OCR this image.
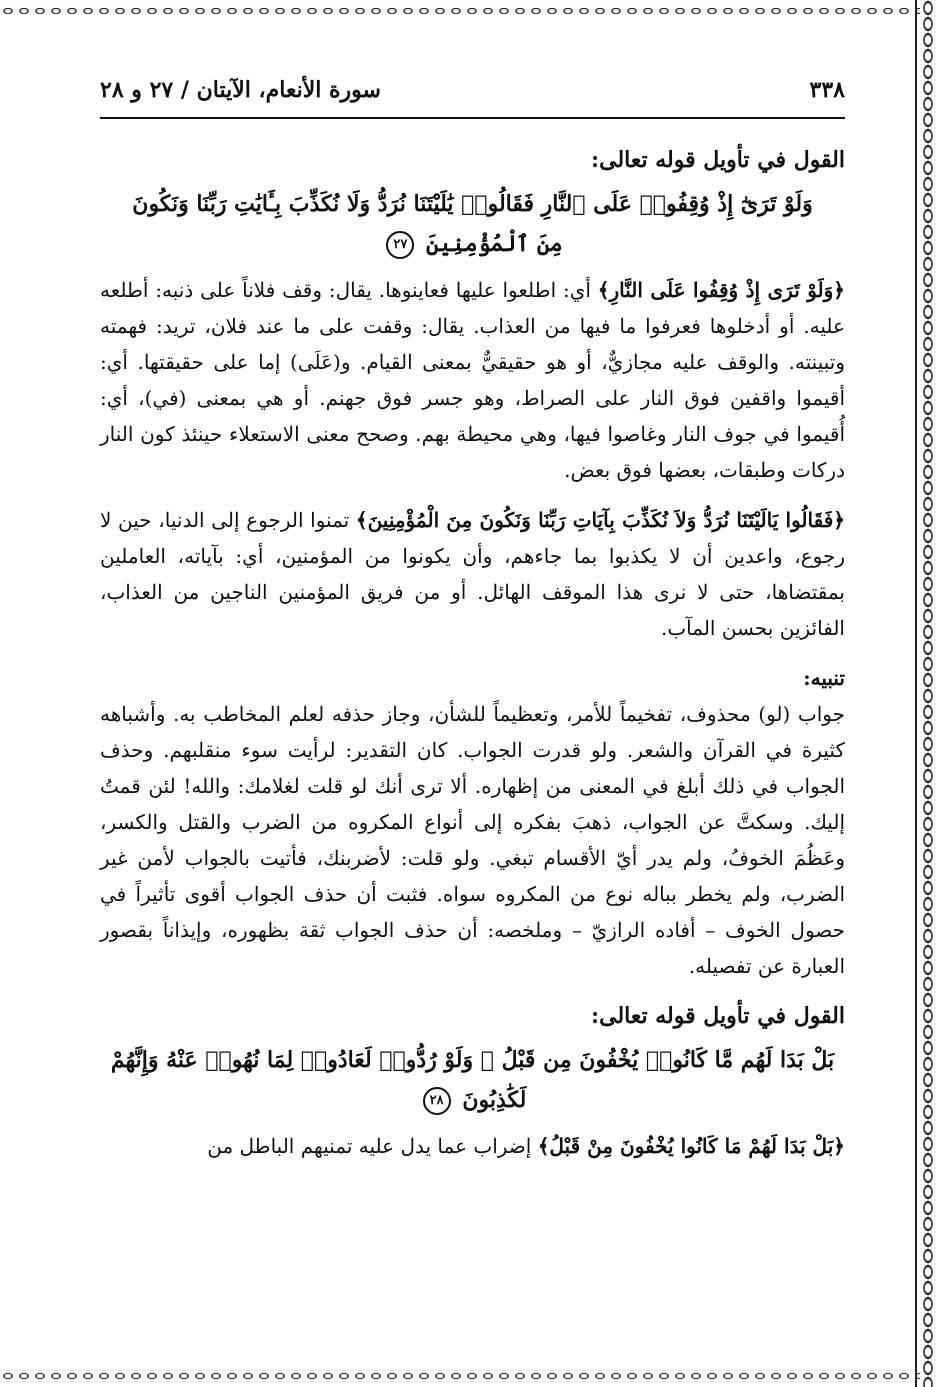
٣٣٨
سورة الأنعام، الآيتان / ٢٧ و ٢٨
القول في تأويل قوله تعالى:
وَلَوْ تَرَىٰٓ إِذْ وُقِفُوا۟ عَلَى ٱلنَّارِ فَقَالُوا۟ يَٰلَيْتَنَا نُرَدُّ وَلَا نُكَذِّبَ بِـَٔايَٰتِ رَبِّنَا وَنَكُونَ
مِنَ ٱلْمُؤْمِنِينَ ٢٧

﴿وَلَوْ تَرَى إِذْ وُقِفُوا عَلَى النَّارِ﴾ أي: اطلعوا عليها فعاينوها. يقال: وقف فلاناً على ذنبه: أطلعه عليه. أو أدخلوها فعرفوا ما فيها من العذاب. يقال: وقفت على ما عند فلان، تريد: فهمته وتبينته. والوقف عليه مجازيٌّ، أو هو حقيقيٌّ بمعنى القيام. و(عَلَى) إما على حقيقتها. أي: أقيموا واقفين فوق النار على الصراط، وهو جسر فوق جهنم. أو هي بمعنى (في)، أي: أُقيموا في جوف النار وغاصوا فيها، وهي محيطة بهم. وصحح معنى الاستعلاء حينئذ كون النار دركات وطبقات، بعضها فوق بعض.

﴿فَقَالُوا يَالَيْتَنَا نُرَدُّ وَلاَ نُكَذِّبَ بِآيَاتِ رَبِّنَا وَنَكُونَ مِنَ الْمُؤْمِنِينَ﴾ تمنوا الرجوع إلى الدنيا، حين لا رجوع، واعدين أن لا يكذبوا بما جاءهم، وأن يكونوا من المؤمنين، أي: بآياته، العاملين بمقتضاها، حتى لا نرى هذا الموقف الهائل. أو من فريق المؤمنين الناجين من العذاب، الفائزين بحسن المآب.

تنبيه:

جواب (لو) محذوف، تفخيماً للأمر، وتعظيماً للشأن، وجاز حذفه لعلم المخاطب به. وأشباهه كثيرة في القرآن والشعر. ولو قدرت الجواب. كان التقدير: لرأيت سوء منقلبهم. وحذف الجواب في ذلك أبلغ في المعنى من إظهاره. ألا ترى أنك لو قلت لغلامك: والله! لئن قمتُ إليك. وسكتَّ عن الجواب، ذهبَ بفكره إلى أنواع المكروه من الضرب والقتل والكسر، وعَظُمَ الخوفُ، ولم يدر أيّ الأقسام تبغي. ولو قلت: لأضربنك، فأتيت بالجواب لأمن غير الضرب، ولم يخطر بباله نوع من المكروه سواه. فثبت أن حذف الجواب أقوى تأثيراً في حصول الخوف – أفاده الرازيّ – وملخصه: أن حذف الجواب ثقة بظهوره، وإيذاناً بقصور العبارة عن تفصيله.

القول في تأويل قوله تعالى:
بَلْ بَدَا لَهُم مَّا كَانُوا۟ يُخْفُونَ مِن قَبْلُ ۖ وَلَوْ رُدُّوا۟ لَعَادُوا۟ لِمَا نُهُوا۟ عَنْهُ وَإِنَّهُمْ لَكَٰذِبُونَ ٢٨

﴿بَلْ بَدَا لَهُمْ مَا كَانُوا يُخْفُونَ مِنْ قَبْلُ﴾ إضراب عما يدل عليه تمنيهم الباطل من
